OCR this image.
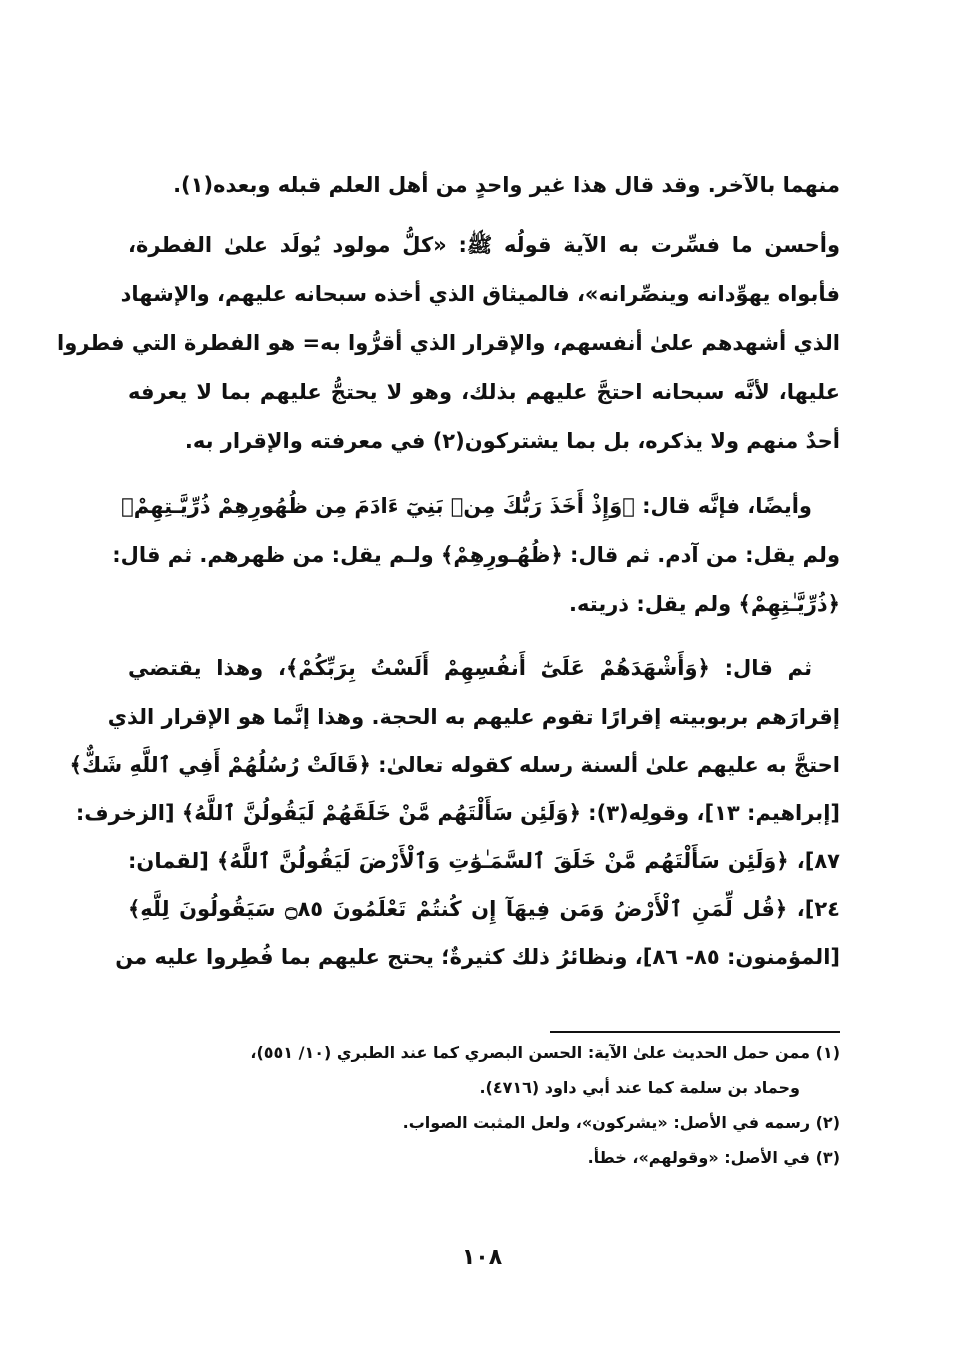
منهما بالآخر. وقد قال هذا غير واحدٍ من أهل العلم قبله وبعده(١).
وأحسن ما فسِّرت به الآية قولُه ﷺ: «كلُّ مولود يُولَد علىٰ الفطرة،
فأبواه يهوِّدانه وينصِّرانه»، فالميثاق الذي أخذه سبحانه عليهم، والإشهاد
الذي أشهدهم علىٰ أنفسهم، والإقرار الذي أقرُّوا به= هو الفطرة التي فطروا
عليها، لأنَّه سبحانه احتجَّ عليهم بذلك، وهو لا يحتجُّ عليهم بما لا يعرفه
أحدٌ منهم ولا يذكره، بل بما يشتركون(٢) في معرفته والإقرار به.
وأيضًا، فإنَّه قال: ﴿وَإِذْ أَخَذَ رَبُّكَ مِنۢ بَنِيٓ ءَادَمَ مِن ظُهُورِهِمْ ذُرِّيَّـتِهِمْ﴾
ولم يقل: من آدم. ثم قال: ﴿ظُهُـورِهِمْ﴾ ولـم يقل: من ظهرهم. ثم قال:
﴿ذُرِّيَّـٰتِهِمْ﴾ ولم يقل: ذريته.
ثم قال: ﴿وَأَشْهَدَهُمْ عَلَىٰٓ أَنفُسِهِمْ أَلَسْتُ بِرَبِّكُمْ﴾، وهذا يقتضي
إقرارَهم بربوبيته إقرارًا تقوم عليهم به الحجة. وهذا إنَّما هو الإقرار الذي
احتجَّ به عليهم علىٰ ألسنة رسله كقوله تعالىٰ: ﴿قَالَتْ رُسُلُهُمْ أَفِي ٱللَّهِ شَكٌّ﴾
[إبراهيم: ١٣]، وقولِه(٣): ﴿وَلَئِن سَأَلْتَهُم مَّنْ خَلَقَهُمْ لَيَقُولُنَّ ٱللَّهُ﴾ [الزخرف:
٨٧]، ﴿وَلَئِن سَأَلْتَهُم مَّنْ خَلَقَ ٱلسَّمَـٰوَٰتِ وَٱلْأَرْضَ لَيَقُولُنَّ ٱللَّهُ﴾ [لقمان:
٢٤]، ﴿قُل لِّمَنِ ٱلْأَرْضُ وَمَن فِيهَآ إِن كُنتُمْ تَعْلَمُونَ ۝٨٥ سَيَقُولُونَ لِلَّهِ﴾
[المؤمنون: ٨٥- ٨٦]، ونظائرُ ذلك كثيرةٌ؛ يحتج عليهم بما فُطِروا عليه من
(١) ممن حمل الحديث علىٰ الآية: الحسن البصري كما عند الطبري (١٠/ ٥٥١)،
وحماد بن سلمة كما عند أبي داود (٤٧١٦).
(٢) رسمه في الأصل: «يشركون»، ولعل المثبت الصواب.
(٣) في الأصل: «وقولهم»، خطأ.
١٠٨
